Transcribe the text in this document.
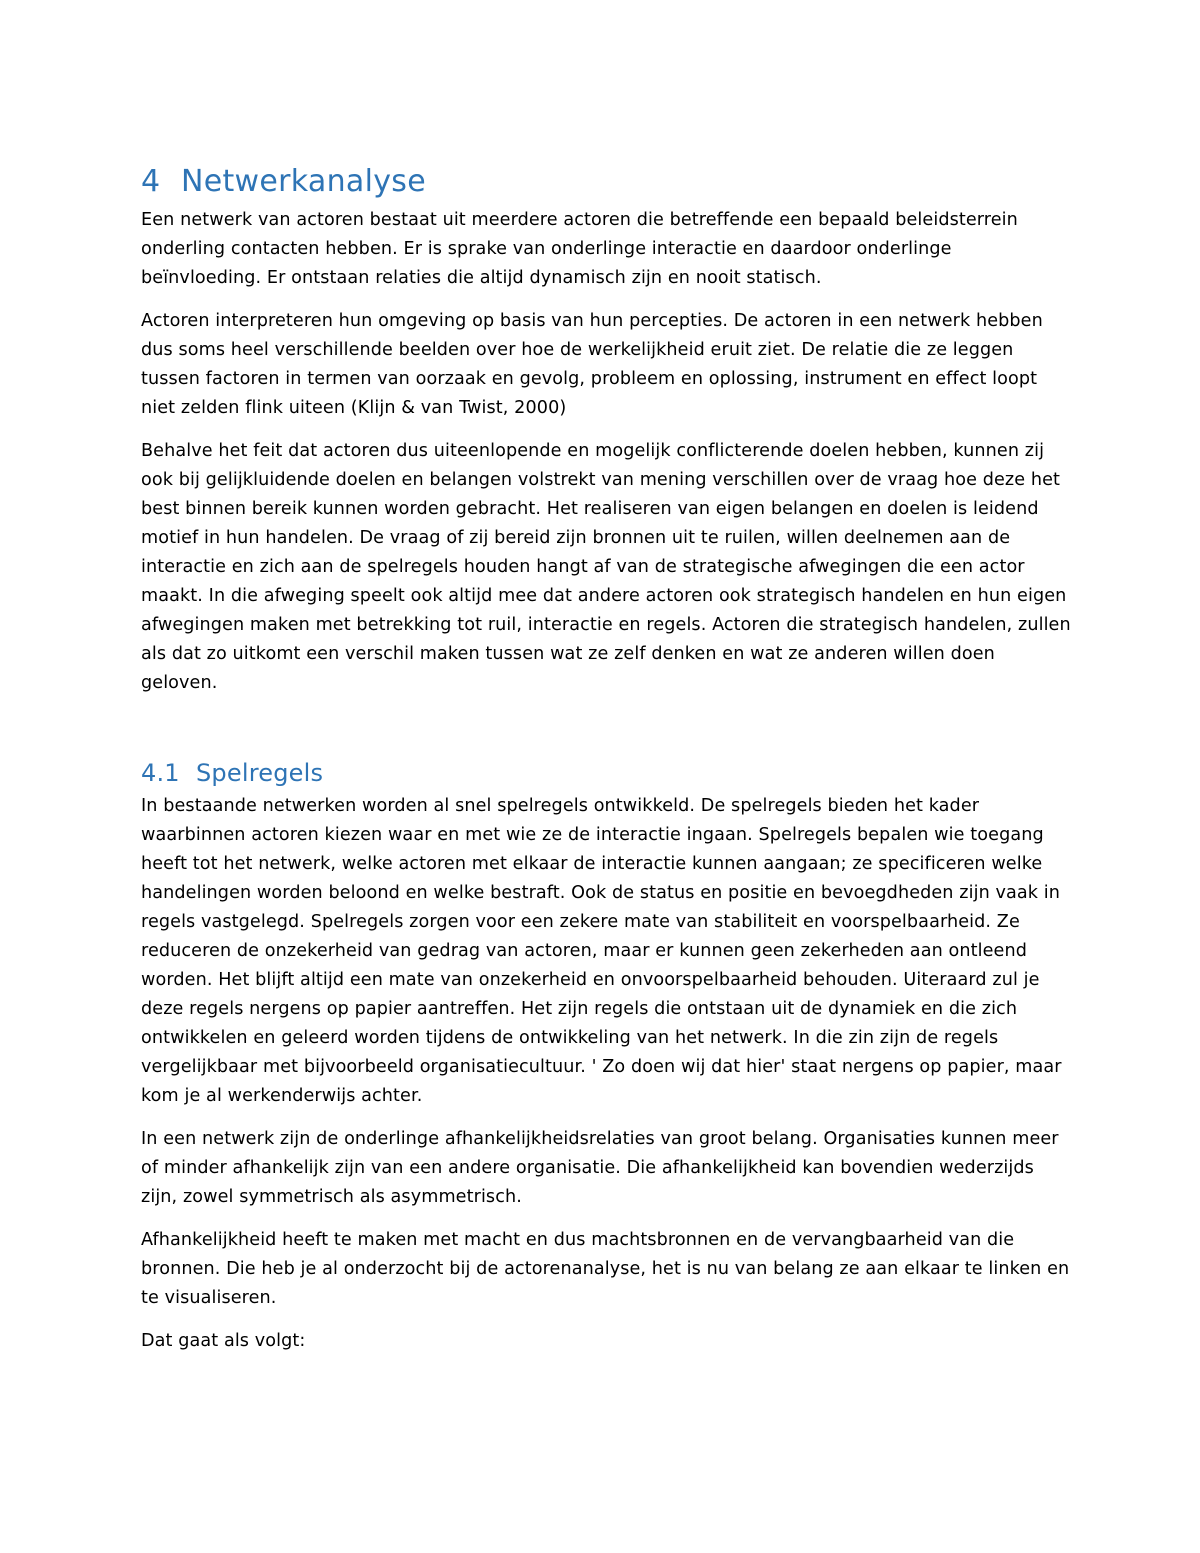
4 Netwerkanalyse

Een netwerk van actoren bestaat uit meerdere actoren die betreffende een bepaald beleidsterrein onderling contacten hebben. Er is sprake van onderlinge interactie en daardoor onderlinge beïnvloeding. Er ontstaan relaties die altijd dynamisch zijn en nooit statisch.

Actoren interpreteren hun omgeving op basis van hun percepties. De actoren in een netwerk hebben dus soms heel verschillende beelden over hoe de werkelijkheid eruit ziet. De relatie die ze leggen tussen factoren in termen van oorzaak en gevolg, probleem en oplossing, instrument en effect loopt niet zelden flink uiteen (Klijn & van Twist, 2000)

Behalve het feit dat actoren dus uiteenlopende en mogelijk conflicterende doelen hebben, kunnen zij ook bij gelijkluidende doelen en belangen volstrekt van mening verschillen over de vraag hoe deze het best binnen bereik kunnen worden gebracht. Het realiseren van eigen belangen en doelen is leidend motief in hun handelen. De vraag of zij bereid zijn bronnen uit te ruilen, willen deelnemen aan de interactie en zich aan de spelregels houden hangt af van de strategische afwegingen die een actor maakt. In die afweging speelt ook altijd mee dat andere actoren ook strategisch handelen en hun eigen afwegingen maken met betrekking tot ruil, interactie en regels. Actoren die strategisch handelen, zullen als dat zo uitkomt een verschil maken tussen wat ze zelf denken en wat ze anderen willen doen geloven.

4.1 Spelregels

In bestaande netwerken worden al snel spelregels ontwikkeld. De spelregels bieden het kader waarbinnen actoren kiezen waar en met wie ze de interactie ingaan. Spelregels bepalen wie toegang heeft tot het netwerk, welke actoren met elkaar de interactie kunnen aangaan; ze specificeren welke handelingen worden beloond en welke bestraft. Ook de status en positie en bevoegdheden zijn vaak in regels vastgelegd. Spelregels zorgen voor een zekere mate van stabiliteit en voorspelbaarheid. Ze reduceren de onzekerheid van gedrag van actoren, maar er kunnen geen zekerheden aan ontleend worden. Het blijft altijd een mate van onzekerheid en onvoorspelbaarheid behouden. Uiteraard zul je deze regels nergens op papier aantreffen. Het zijn regels die ontstaan uit de dynamiek en die zich ontwikkelen en geleerd worden tijdens de ontwikkeling van het netwerk. In die zin zijn de regels vergelijkbaar met bijvoorbeeld organisatiecultuur. ' Zo doen wij dat hier' staat nergens op papier, maar kom je al werkenderwijs achter.

In een netwerk zijn de onderlinge afhankelijkheidsrelaties van groot belang. Organisaties kunnen meer of minder afhankelijk zijn van een andere organisatie. Die afhankelijkheid kan bovendien wederzijds zijn, zowel symmetrisch als asymmetrisch.

Afhankelijkheid heeft te maken met macht en dus machtsbronnen en de vervangbaarheid van die bronnen. Die heb je al onderzocht bij de actorenanalyse, het is nu van belang ze aan elkaar te linken en te visualiseren.

Dat gaat als volgt:
